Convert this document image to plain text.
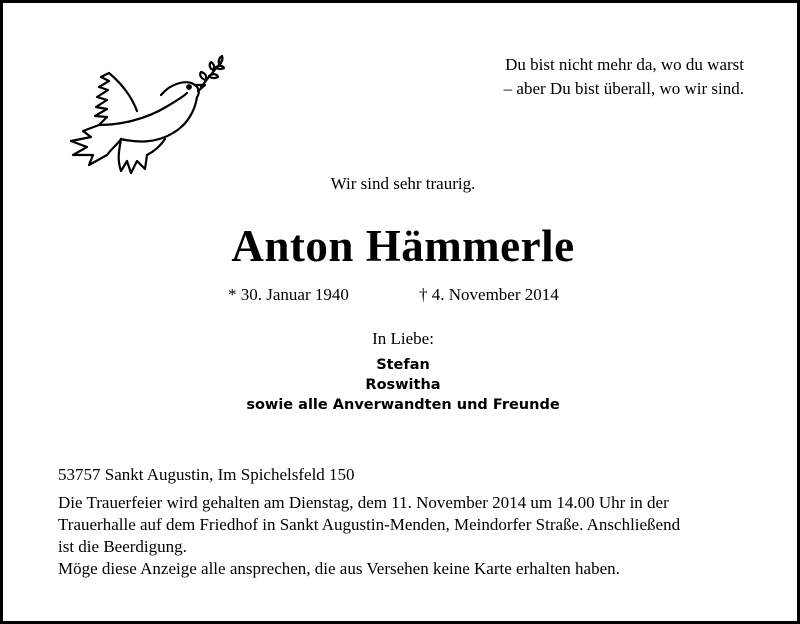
Du bist nicht mehr da, wo du warst
– aber Du bist überall, wo wir sind.
Wir sind sehr traurig.
Anton Hämmerle
* 30. Januar 1940	† 4. November 2014
In Liebe:
Stefan
Roswitha
sowie alle Anverwandten und Freunde
53757 Sankt Augustin, Im Spichelsfeld 150
Die Trauerfeier wird gehalten am Dienstag, dem 11. November 2014 um 14.00 Uhr in der
Trauerhalle auf dem Friedhof in Sankt Augustin-Menden, Meindorfer Straße. Anschließend
ist die Beerdigung.
Möge diese Anzeige alle ansprechen, die aus Versehen keine Karte erhalten haben.
